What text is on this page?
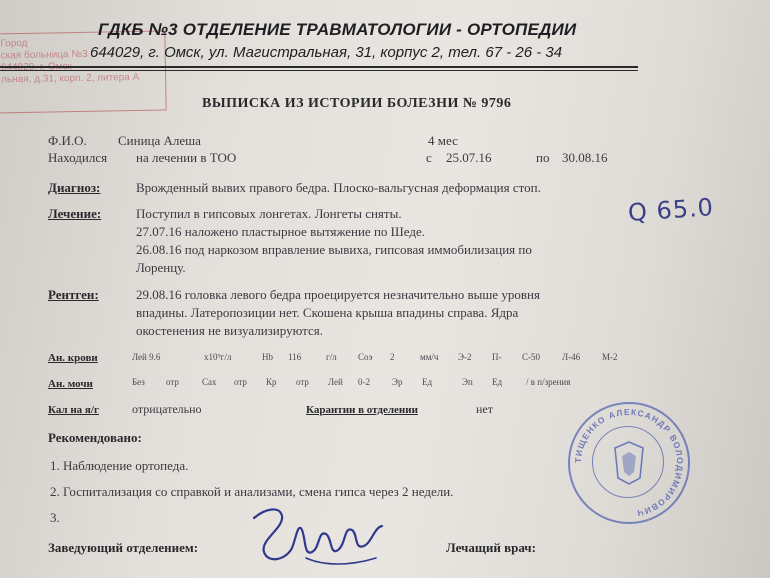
Город
ская больница №3
644029, г. Омск
льная, д.31, корп. 2, литера А
ГДКБ №3 ОТДЕЛЕНИЕ ТРАВМАТОЛОГИИ - ОРТОПЕДИИ
644029, г. Омск, ул. Магистральная, 31, корпус 2, тел. 67 - 26 - 34
ВЫПИСКА ИЗ ИСТОРИИ БОЛЕЗНИ № 9796
Ф.И.О. Синица Алеша	4 мес
Находился на лечении в ТОО	с 25.07.16	по 30.08.16
Диагноз:	Врожденный вывих правого бедра. Плоско-вальгусная деформация стоп.
Q 65.0
Лечение:	Поступил в гипсовых лонгетах. Лонгеты сняты.
27.07.16 наложено пластырное вытяжение по Шеде.
26.08.16 под наркозом вправление вывиха, гипсовая иммобилизация по
Лоренцу.
Рентген:	29.08.16 головка левого бедра проецируется незначительно выше уровня
впадины. Латеропозиции нет. Скошена крыша впадины справа. Ядра
окостенения не визуализируются.
Ан. крови	Лей 9.6	х10⁹г/л	Hb 116	г/л Соэ 2	мм/ч Э-2 П- С-50 Л-46 М-2
Ан. мочи	Без отр	Сах отр Кр отр Лей 0-2 Эр Ед	Эп Ед	/ в п/зрения
Кал на я/г	отрицательно	Карантин в отделении	нет
Рекомендовано:
1. Наблюдение ортопеда.
2. Госпитализация со справкой и анализами, смена гипса через 2 недели.
3.
Заведующий отделением:	Лечащий врач:
ТИЩЕНКО АЛЕКСАНДР ВОЛОДИМИРОВИЧ
